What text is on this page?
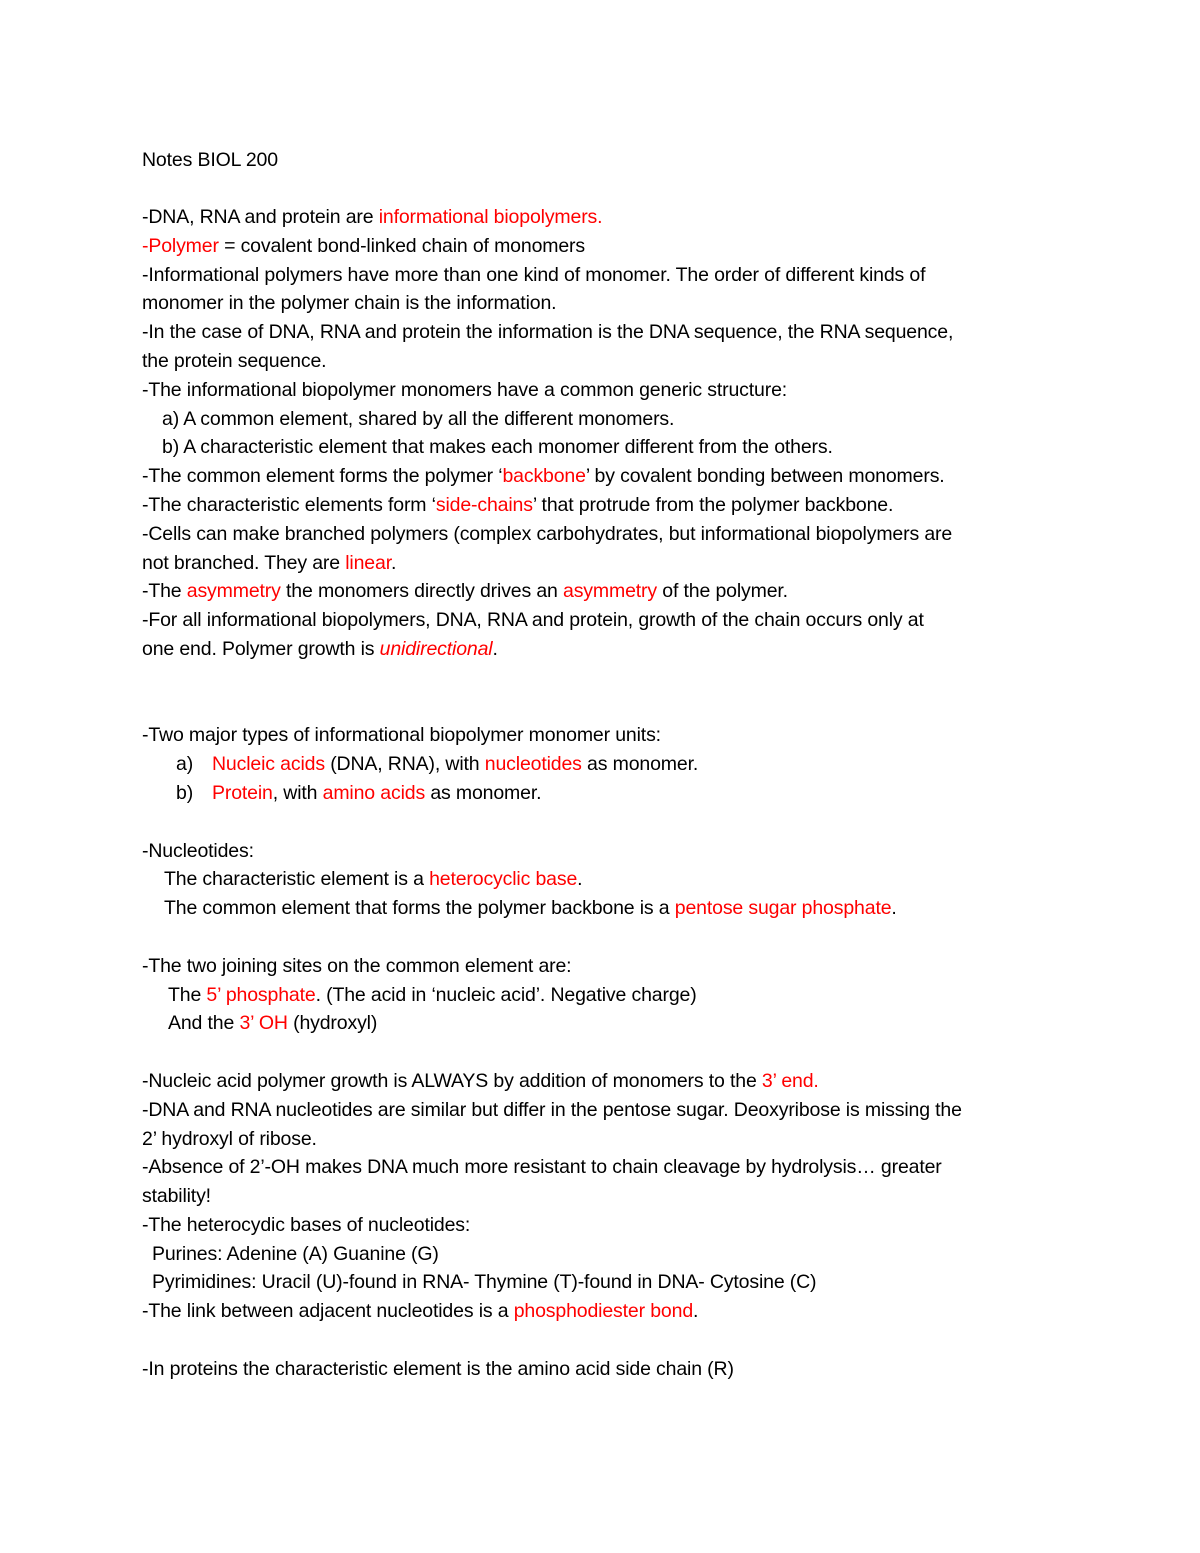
Notes BIOL 200
-DNA, RNA and protein are informational biopolymers.
-Polymer = covalent bond-linked chain of monomers
-Informational polymers have more than one kind of monomer. The order of different kinds of
monomer in the polymer chain is the information.
-In the case of DNA, RNA and protein the information is the DNA sequence, the RNA sequence,
the protein sequence.
-The informational biopolymer monomers have a common generic structure:
a) A common element, shared by all the different monomers.
b) A characteristic element that makes each monomer different from the others.
-The common element forms the polymer ‘backbone’ by covalent bonding between monomers.
-The characteristic elements form ‘side-chains’ that protrude from the polymer backbone.
-Cells can make branched polymers (complex carbohydrates, but informational biopolymers are
not branched. They are linear.
-The asymmetry the monomers directly drives an asymmetry of the polymer.
-For all informational biopolymers, DNA, RNA and protein, growth of the chain occurs only at
one end. Polymer growth is unidirectional.
-Two major types of informational biopolymer monomer units:
a) Nucleic acids (DNA, RNA), with nucleotides as monomer.
b) Protein, with amino acids as monomer.
-Nucleotides:
The characteristic element is a heterocyclic base.
The common element that forms the polymer backbone is a pentose sugar phosphate.
-The two joining sites on the common element are:
The 5’ phosphate. (The acid in ‘nucleic acid’. Negative charge)
And the 3’ OH (hydroxyl)
-Nucleic acid polymer growth is ALWAYS by addition of monomers to the 3’ end.
-DNA and RNA nucleotides are similar but differ in the pentose sugar. Deoxyribose is missing the
2’ hydroxyl of ribose.
-Absence of 2’-OH makes DNA much more resistant to chain cleavage by hydrolysis… greater
stability!
-The heterocydic bases of nucleotides:
Purines: Adenine (A) Guanine (G)
Pyrimidines: Uracil (U)-found in RNA- Thymine (T)-found in DNA- Cytosine (C)
-The link between adjacent nucleotides is a phosphodiester bond.
-In proteins the characteristic element is the amino acid side chain (R)
